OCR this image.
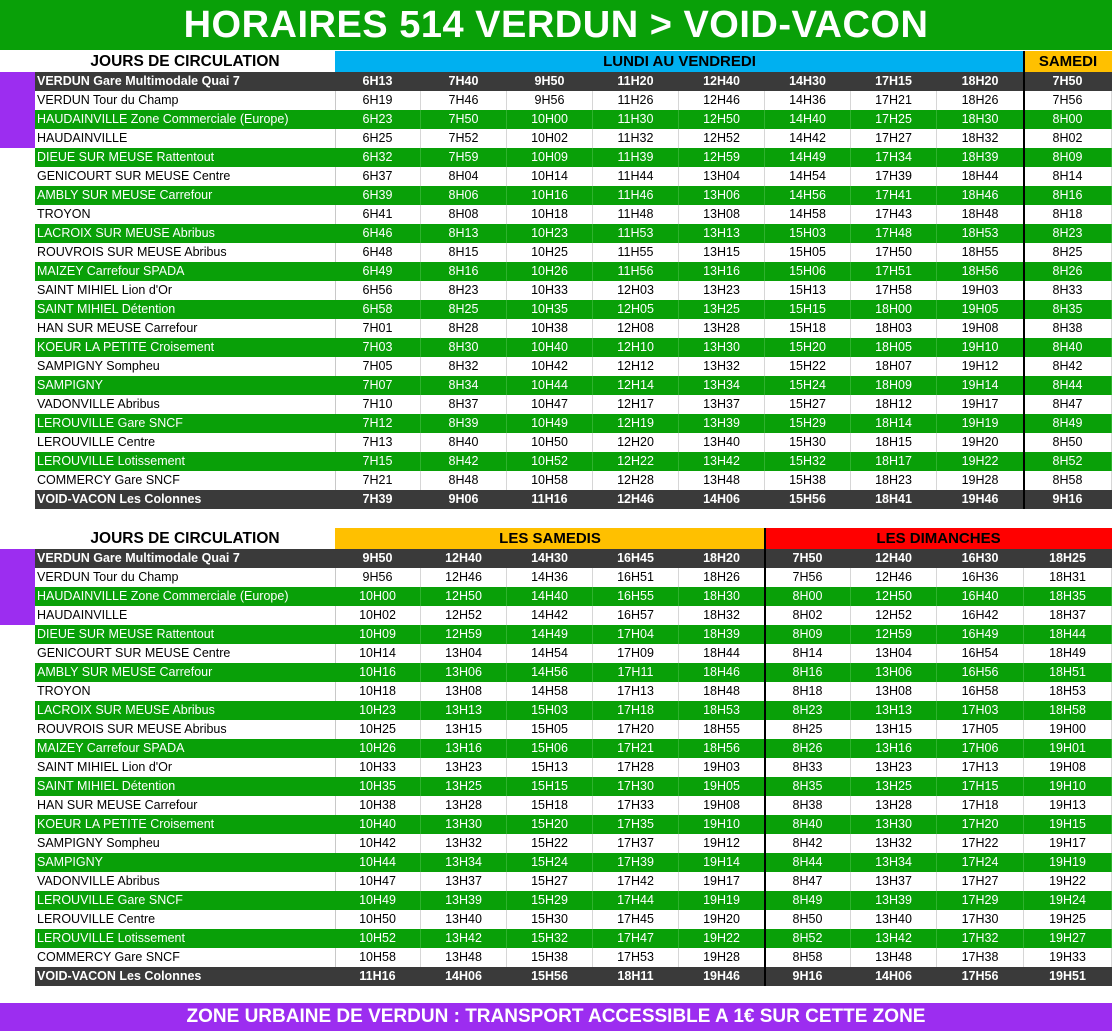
HORAIRES 514 VERDUN > VOID-VACON
JOURS DE CIRCULATION	LUNDI AU VENDREDI	SAMEDI
VERDUN Gare Multimodale Quai 7	6H13	7H40	9H50	11H20	12H40	14H30	17H15	18H20	7H50
VERDUN Tour du Champ	6H19	7H46	9H56	11H26	12H46	14H36	17H21	18H26	7H56
HAUDAINVILLE Zone Commerciale (Europe)	6H23	7H50	10H00	11H30	12H50	14H40	17H25	18H30	8H00
HAUDAINVILLE	6H25	7H52	10H02	11H32	12H52	14H42	17H27	18H32	8H02
DIEUE SUR MEUSE Rattentout	6H32	7H59	10H09	11H39	12H59	14H49	17H34	18H39	8H09
GENICOURT SUR MEUSE Centre	6H37	8H04	10H14	11H44	13H04	14H54	17H39	18H44	8H14
AMBLY SUR MEUSE Carrefour	6H39	8H06	10H16	11H46	13H06	14H56	17H41	18H46	8H16
TROYON	6H41	8H08	10H18	11H48	13H08	14H58	17H43	18H48	8H18
LACROIX SUR MEUSE Abribus	6H46	8H13	10H23	11H53	13H13	15H03	17H48	18H53	8H23
ROUVROIS SUR MEUSE Abribus	6H48	8H15	10H25	11H55	13H15	15H05	17H50	18H55	8H25
MAIZEY Carrefour SPADA	6H49	8H16	10H26	11H56	13H16	15H06	17H51	18H56	8H26
SAINT MIHIEL Lion d'Or	6H56	8H23	10H33	12H03	13H23	15H13	17H58	19H03	8H33
SAINT MIHIEL Détention	6H58	8H25	10H35	12H05	13H25	15H15	18H00	19H05	8H35
HAN SUR MEUSE Carrefour	7H01	8H28	10H38	12H08	13H28	15H18	18H03	19H08	8H38
KOEUR LA PETITE Croisement	7H03	8H30	10H40	12H10	13H30	15H20	18H05	19H10	8H40
SAMPIGNY Sompheu	7H05	8H32	10H42	12H12	13H32	15H22	18H07	19H12	8H42
SAMPIGNY	7H07	8H34	10H44	12H14	13H34	15H24	18H09	19H14	8H44
VADONVILLE Abribus	7H10	8H37	10H47	12H17	13H37	15H27	18H12	19H17	8H47
LEROUVILLE Gare SNCF	7H12	8H39	10H49	12H19	13H39	15H29	18H14	19H19	8H49
LEROUVILLE Centre	7H13	8H40	10H50	12H20	13H40	15H30	18H15	19H20	8H50
LEROUVILLE Lotissement	7H15	8H42	10H52	12H22	13H42	15H32	18H17	19H22	8H52
COMMERCY Gare SNCF	7H21	8H48	10H58	12H28	13H48	15H38	18H23	19H28	8H58
VOID-VACON Les Colonnes	7H39	9H06	11H16	12H46	14H06	15H56	18H41	19H46	9H16
JOURS DE CIRCULATION	LES SAMEDIS	LES DIMANCHES
VERDUN Gare Multimodale Quai 7	9H50	12H40	14H30	16H45	18H20	7H50	12H40	16H30	18H25
VERDUN Tour du Champ	9H56	12H46	14H36	16H51	18H26	7H56	12H46	16H36	18H31
HAUDAINVILLE Zone Commerciale (Europe)	10H00	12H50	14H40	16H55	18H30	8H00	12H50	16H40	18H35
HAUDAINVILLE	10H02	12H52	14H42	16H57	18H32	8H02	12H52	16H42	18H37
DIEUE SUR MEUSE Rattentout	10H09	12H59	14H49	17H04	18H39	8H09	12H59	16H49	18H44
GENICOURT SUR MEUSE Centre	10H14	13H04	14H54	17H09	18H44	8H14	13H04	16H54	18H49
AMBLY SUR MEUSE Carrefour	10H16	13H06	14H56	17H11	18H46	8H16	13H06	16H56	18H51
TROYON	10H18	13H08	14H58	17H13	18H48	8H18	13H08	16H58	18H53
LACROIX SUR MEUSE Abribus	10H23	13H13	15H03	17H18	18H53	8H23	13H13	17H03	18H58
ROUVROIS SUR MEUSE Abribus	10H25	13H15	15H05	17H20	18H55	8H25	13H15	17H05	19H00
MAIZEY Carrefour SPADA	10H26	13H16	15H06	17H21	18H56	8H26	13H16	17H06	19H01
SAINT MIHIEL Lion d'Or	10H33	13H23	15H13	17H28	19H03	8H33	13H23	17H13	19H08
SAINT MIHIEL Détention	10H35	13H25	15H15	17H30	19H05	8H35	13H25	17H15	19H10
HAN SUR MEUSE Carrefour	10H38	13H28	15H18	17H33	19H08	8H38	13H28	17H18	19H13
KOEUR LA PETITE Croisement	10H40	13H30	15H20	17H35	19H10	8H40	13H30	17H20	19H15
SAMPIGNY Sompheu	10H42	13H32	15H22	17H37	19H12	8H42	13H32	17H22	19H17
SAMPIGNY	10H44	13H34	15H24	17H39	19H14	8H44	13H34	17H24	19H19
VADONVILLE Abribus	10H47	13H37	15H27	17H42	19H17	8H47	13H37	17H27	19H22
LEROUVILLE Gare SNCF	10H49	13H39	15H29	17H44	19H19	8H49	13H39	17H29	19H24
LEROUVILLE Centre	10H50	13H40	15H30	17H45	19H20	8H50	13H40	17H30	19H25
LEROUVILLE Lotissement	10H52	13H42	15H32	17H47	19H22	8H52	13H42	17H32	19H27
COMMERCY Gare SNCF	10H58	13H48	15H38	17H53	19H28	8H58	13H48	17H38	19H33
VOID-VACON Les Colonnes	11H16	14H06	15H56	18H11	19H46	9H16	14H06	17H56	19H51
ZONE URBAINE DE VERDUN : TRANSPORT ACCESSIBLE A 1€ SUR CETTE ZONE
